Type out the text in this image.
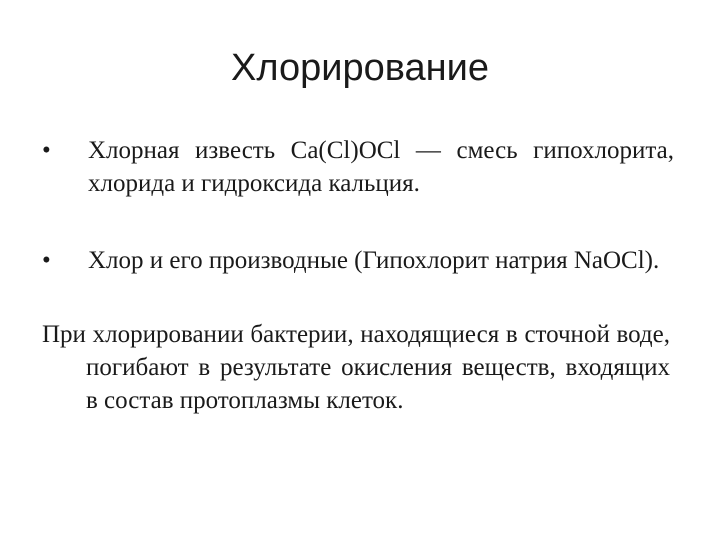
Хлорирование
•	Хлорная известь Са(Сl)OCl — смесь гипохлорита, хлорида и гидроксида кальция.
•	Хлор и его производные (Гипохлорит натрия NaOCl).
При хлорировании бактерии, находящиеся в сточной воде, погибают в результате окисления веществ, входящих в состав протоплазмы клеток.
